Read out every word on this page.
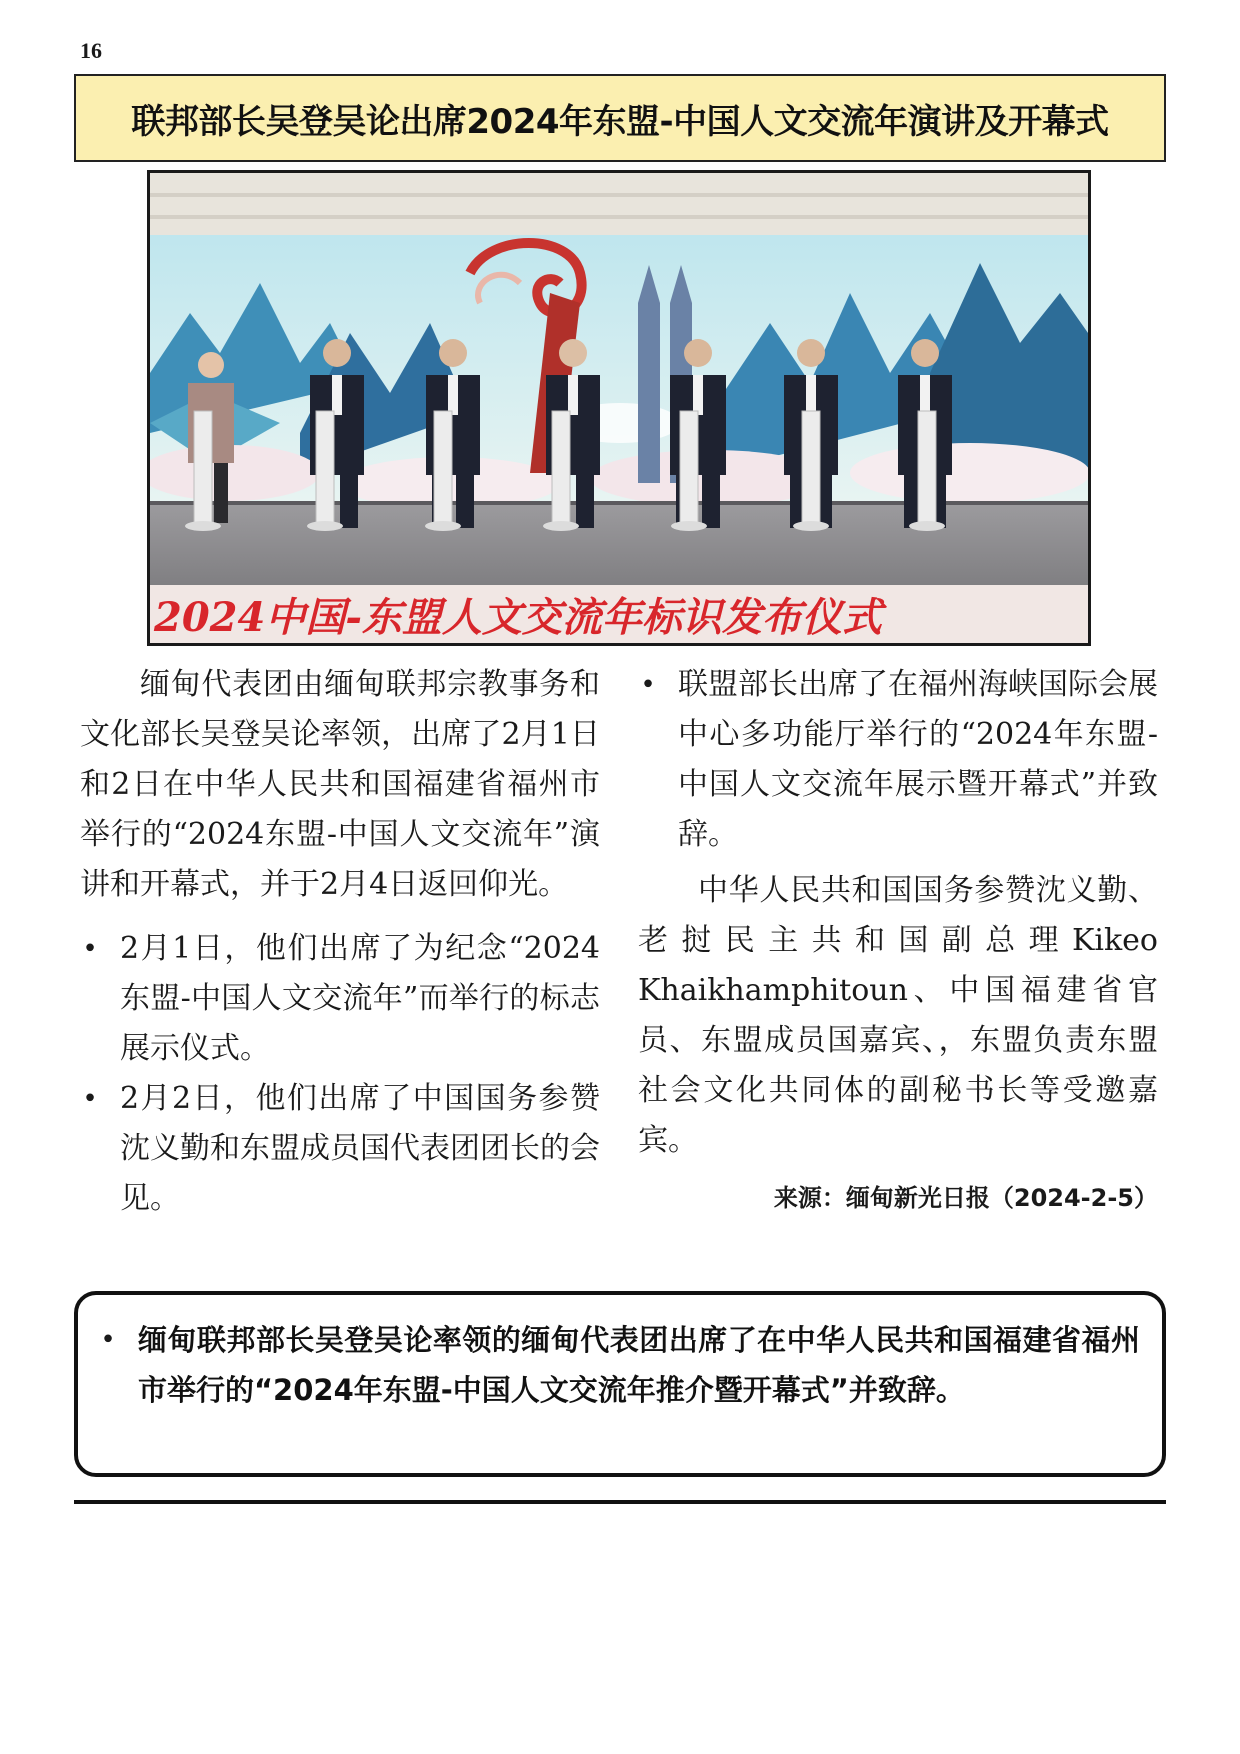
16
联邦部长吴登吴论出席2024年东盟-中国人文交流年演讲及开幕式
2024中国-东盟人文交流年标识发布仪式

缅甸代表团由缅甸联邦宗教事务和文化部长吴登吴论率领，出席了2月1日和2日在中华人民共和国福建省福州市举行的“2024东盟-中国人文交流年”演讲和开幕式，并于2月4日返回仰光。

• 2月1日，他们出席了为纪念“2024东盟-中国人文交流年”而举行的标志展示仪式。
• 2月2日，他们出席了中国国务参赞沈义勤和东盟成员国代表团团长的会见。
• 联盟部长出席了在福州海峡国际会展中心多功能厅举行的“2024年东盟-中国人文交流年展示暨开幕式”并致辞。

中华人民共和国国务参赞沈义勤、老挝民主共和国副总理Kikeo Khaikhamphitoun、中国福建省官员、东盟成员国嘉宾、，东盟负责东盟社会文化共同体的副秘书长等受邀嘉宾。

来源：缅甸新光日报（2024-2-5）
• 缅甸联邦部长吴登吴论率领的缅甸代表团出席了在中华人民共和国福建省福州市举行的“2024年东盟-中国人文交流年推介暨开幕式”并致辞。
